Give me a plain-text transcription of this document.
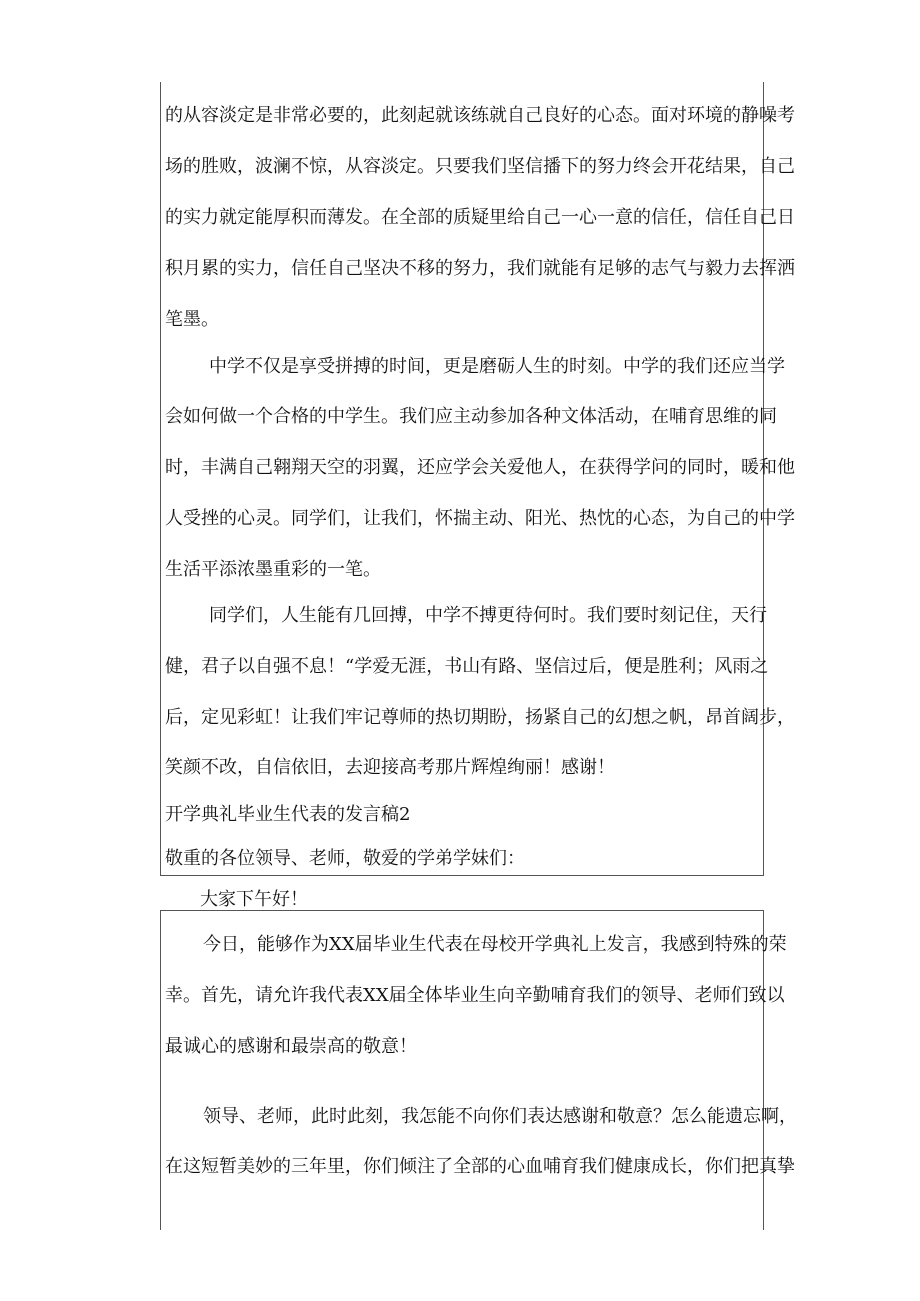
的 从 容 淡 定 是 非 常 必 要 的 ， 此 刻 起 就 该 练 就 自 己 良 好 的 心 态 。 面 对 环 境 的 静 噪 考
场 的 胜 败 ， 波 澜 不 惊 ， 从 容 淡 定 。 只 要 我 们 坚 信 播 下 的 努 力 终 会 开 花 结 果 ， 自 己
的 实 力 就 定 能 厚 积 而 薄 发 。 在 全 部 的 质 疑 里 给 自 己 一 心 一 意 的 信 任 ， 信 任 自 己 日
积 月 累 的 实 力 ， 信 任 自 己 坚 决 不 移 的 努 力 ， 我 们 就 能 有 足 够 的 志 气 与 毅 力 去 挥 洒
笔墨。
中 学 不 仅 是 享 受 拼 搏 的 时 间 ， 更 是 磨 砺 人 生 的 时 刻 。 中 学 的 我 们 还 应 当 学
会 如 何 做 一 个 合 格 的 中 学 生 。 我 们 应 主 动 参 加 各 种 文 体 活 动 ， 在 哺 育 思 维 的 同
时 ， 丰 满 自 己 翱 翔 天 空 的 羽 翼 ， 还 应 学 会 关 爱 他 人 ， 在 获 得 学 问 的 同 时 ， 暖 和 他
人 受 挫 的 心 灵 。 同 学 们 ， 让 我 们 ， 怀 揣 主 动 、 阳 光 、 热 忱 的 心 态 ， 为 自 己 的 中 学
生活平添浓墨重彩的一笔。
同 学 们 ， 人 生 能 有 几 回 搏 ， 中 学 不 搏 更 待 何 时 。 我 们 要 时 刻 记 住 ， 天 行
健 ， 君 子 以 自 强 不 息 ！ “ 学 爱 无 涯 ， 书 山 有 路 、 坚 信 过 后 ， 便 是 胜 利 ； 风 雨 之
后 ， 定 见 彩 虹 ！ 让 我 们 牢 记 尊 师 的 热 切 期 盼 ， 扬 紧 自 己 的 幻 想 之 帆 ， 昂 首 阔 步 ，
笑颜不改，自信依旧，去迎接高考那片辉煌绚丽！感谢！
开学典礼毕业生代表的发言稿2
敬重的各位领导、老师，敬爱的学弟学妹们：
大家下午好！
今 日 ， 能 够 作 为 X X 届 毕 业 生 代 表 在 母 校 开 学 典 礼 上 发 言 ， 我 感 到 特 殊 的 荣
幸 。 首 先 ， 请 允 许 我 代 表 X X 届 全 体 毕 业 生 向 辛 勤 哺 育 我 们 的 领 导 、 老 师 们 致 以
最诚心的感谢和最崇高的敬意！
领 导 、 老 师 ， 此 时 此 刻 ， 我 怎 能 不 向 你 们 表 达 感 谢 和 敬 意 ？ 怎 么 能 遗 忘 啊 ，
在 这 短 暂 美 妙 的 三 年 里 ， 你 们 倾 注 了 全 部 的 心 血 哺 育 我 们 健 康 成 长 ， 你 们 把 真 挚
